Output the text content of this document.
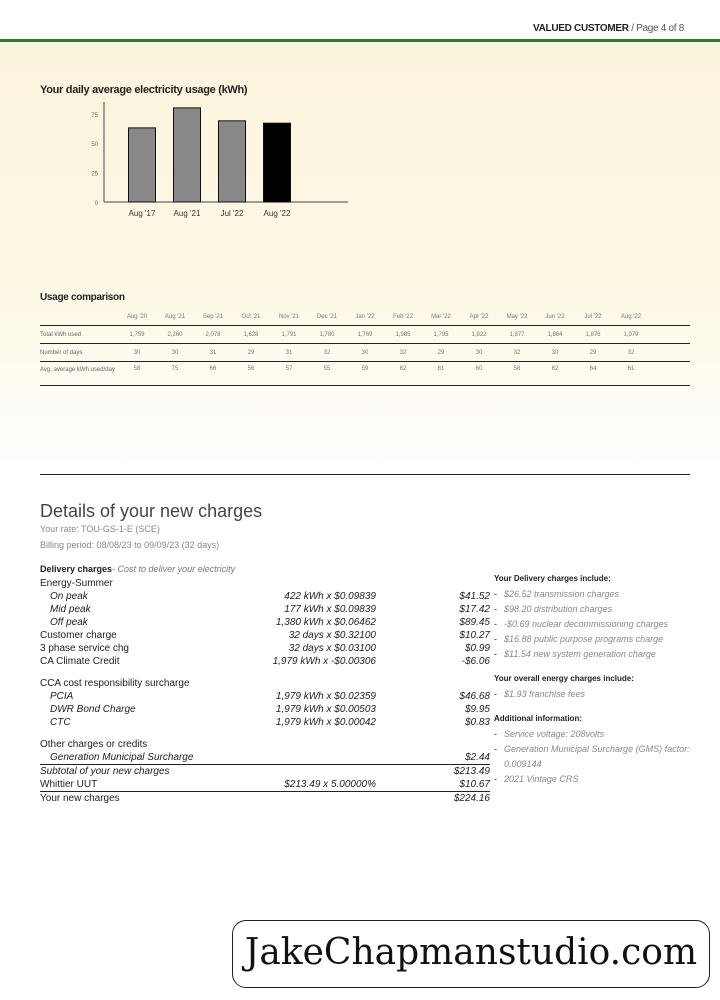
VALUED CUSTOMER / Page 4 of 8
Your daily average electricity usage (kWh)
0
25
50
75
Aug '17 Aug '21	Jul '22	Aug '22
Usage comparison
Aug '20	Aug '21	Sep '21	Oct '21	Nov '21	Dec '21	Jan '22	Feb '22	Mar '22	Apr '22	May '22	Jun '22	Jul '22	Aug '22
Total kWh used	1,759	2,260	2,078	1,628	1,791	1,780	1,769	1,985	1,795	1,822	1,877	1,864	1,876	1,979
Number of days	30	30	31	29	31	32	30	32	29	30	32	30	29	32
Avg. average kWh used/day	58	75	66	56	57	55	59	62	61	60	58	62	64	61
Details of your new charges
Your rate: TOU-GS-1-E (SCE)
Billing period: 08/08/23 to 09/09/23 (32 days)
Delivery charges- Cost to deliver your electricity
Energy-Summer
On peak	422 kWh x $0.09839	$41.52
Mid peak	177 kWh x $0.09839	$17.42
Off peak	1,380 kWh x $0.06462	$89.45
Customer charge	32 days x $0.32100	$10.27
3 phase service chg	32 days x $0.03100	$0.99
CA Climate Credit	1,979 kWh x -$0.00306	-$6.06
CCA cost responsibility surcharge
PCIA	1,979 kWh x $0.02359	$46.68
DWR Bond Charge	1,979 kWh x $0.00503	$9.95
CTC	1,979 kWh x $0.00042	$0.83
Other charges or credits
Generation Municipal Surcharge	$2.44
Subtotal of your new charges	$213.49
Whittier UUT	$213.49 x 5.00000%	$10.67
Your new charges	$224.16
Your Delivery charges include:
- $26.52 transmission charges
- $98.20 distribution charges
- -$0.69 nuclear decommissioning charges
- $16.88 public purpose programs charge
- $11.54 new system generation charge
Your overall energy charges include:
- $1.93 franchise fees
Additional information:
- Service voltage: 208volts
- Generation Municipal Surcharge (GMS) factor: 0.009144
- 2021 Vintage CRS
JakeChapmanstudio.com
